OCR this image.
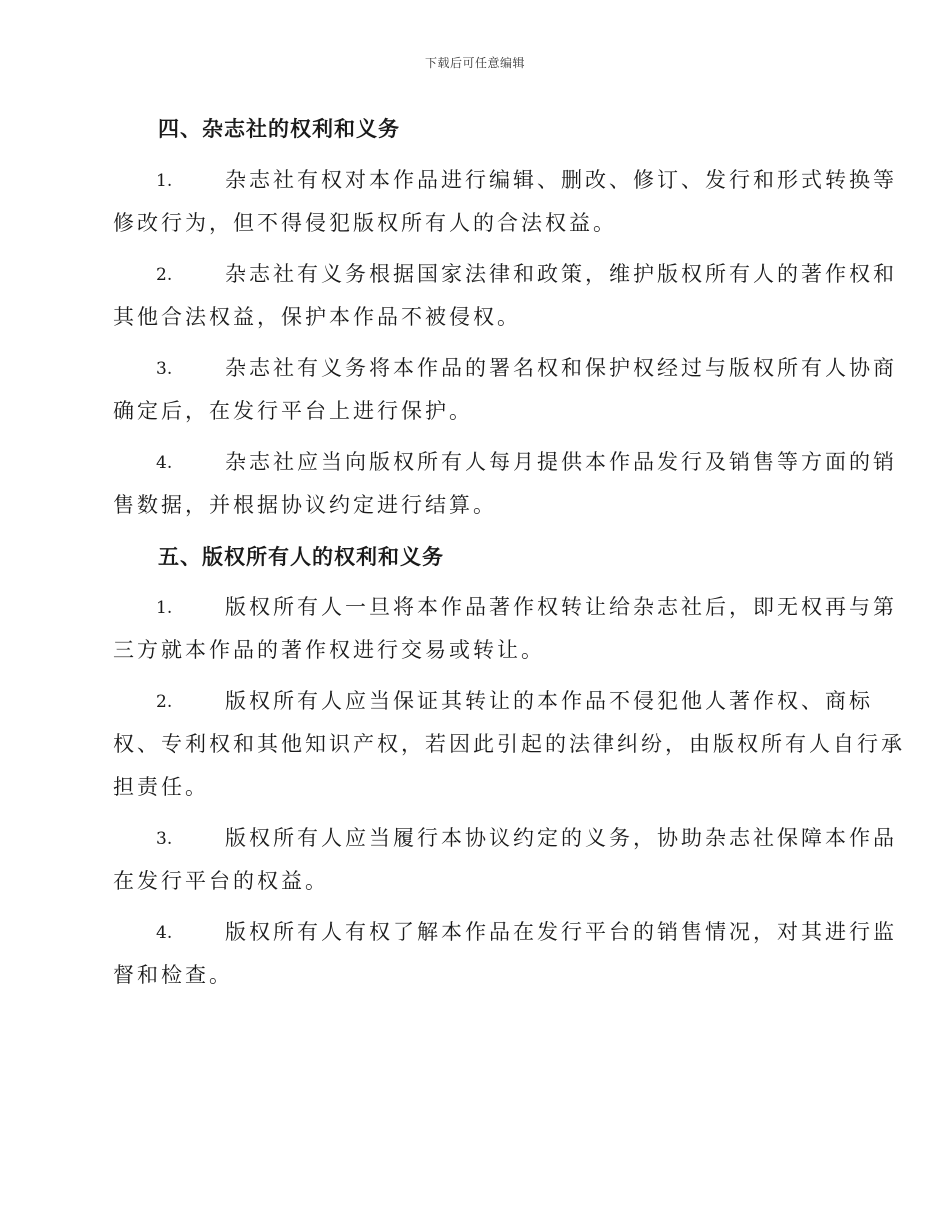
下载后可任意编辑
四、杂志社的权利和义务
1.	杂志社有权对本作品进行编辑、删改、修订、发行和形式转换等
修改行为，但不得侵犯版权所有人的合法权益。
2.	杂志社有义务根据国家法律和政策，维护版权所有人的著作权和
其他合法权益，保护本作品不被侵权。
3.	杂志社有义务将本作品的署名权和保护权经过与版权所有人协商
确定后，在发行平台上进行保护。
4.	杂志社应当向版权所有人每月提供本作品发行及销售等方面的销
售数据，并根据协议约定进行结算。
五、版权所有人的权利和义务
1.	版权所有人一旦将本作品著作权转让给杂志社后，即无权再与第
三方就本作品的著作权进行交易或转让。
2.	版权所有人应当保证其转让的本作品不侵犯他人著作权、商标
权、专利权和其他知识产权，若因此引起的法律纠纷，由版权所有人自行承
担责任。
3.	版权所有人应当履行本协议约定的义务，协助杂志社保障本作品
在发行平台的权益。
4.	版权所有人有权了解本作品在发行平台的销售情况，对其进行监
督和检查。
